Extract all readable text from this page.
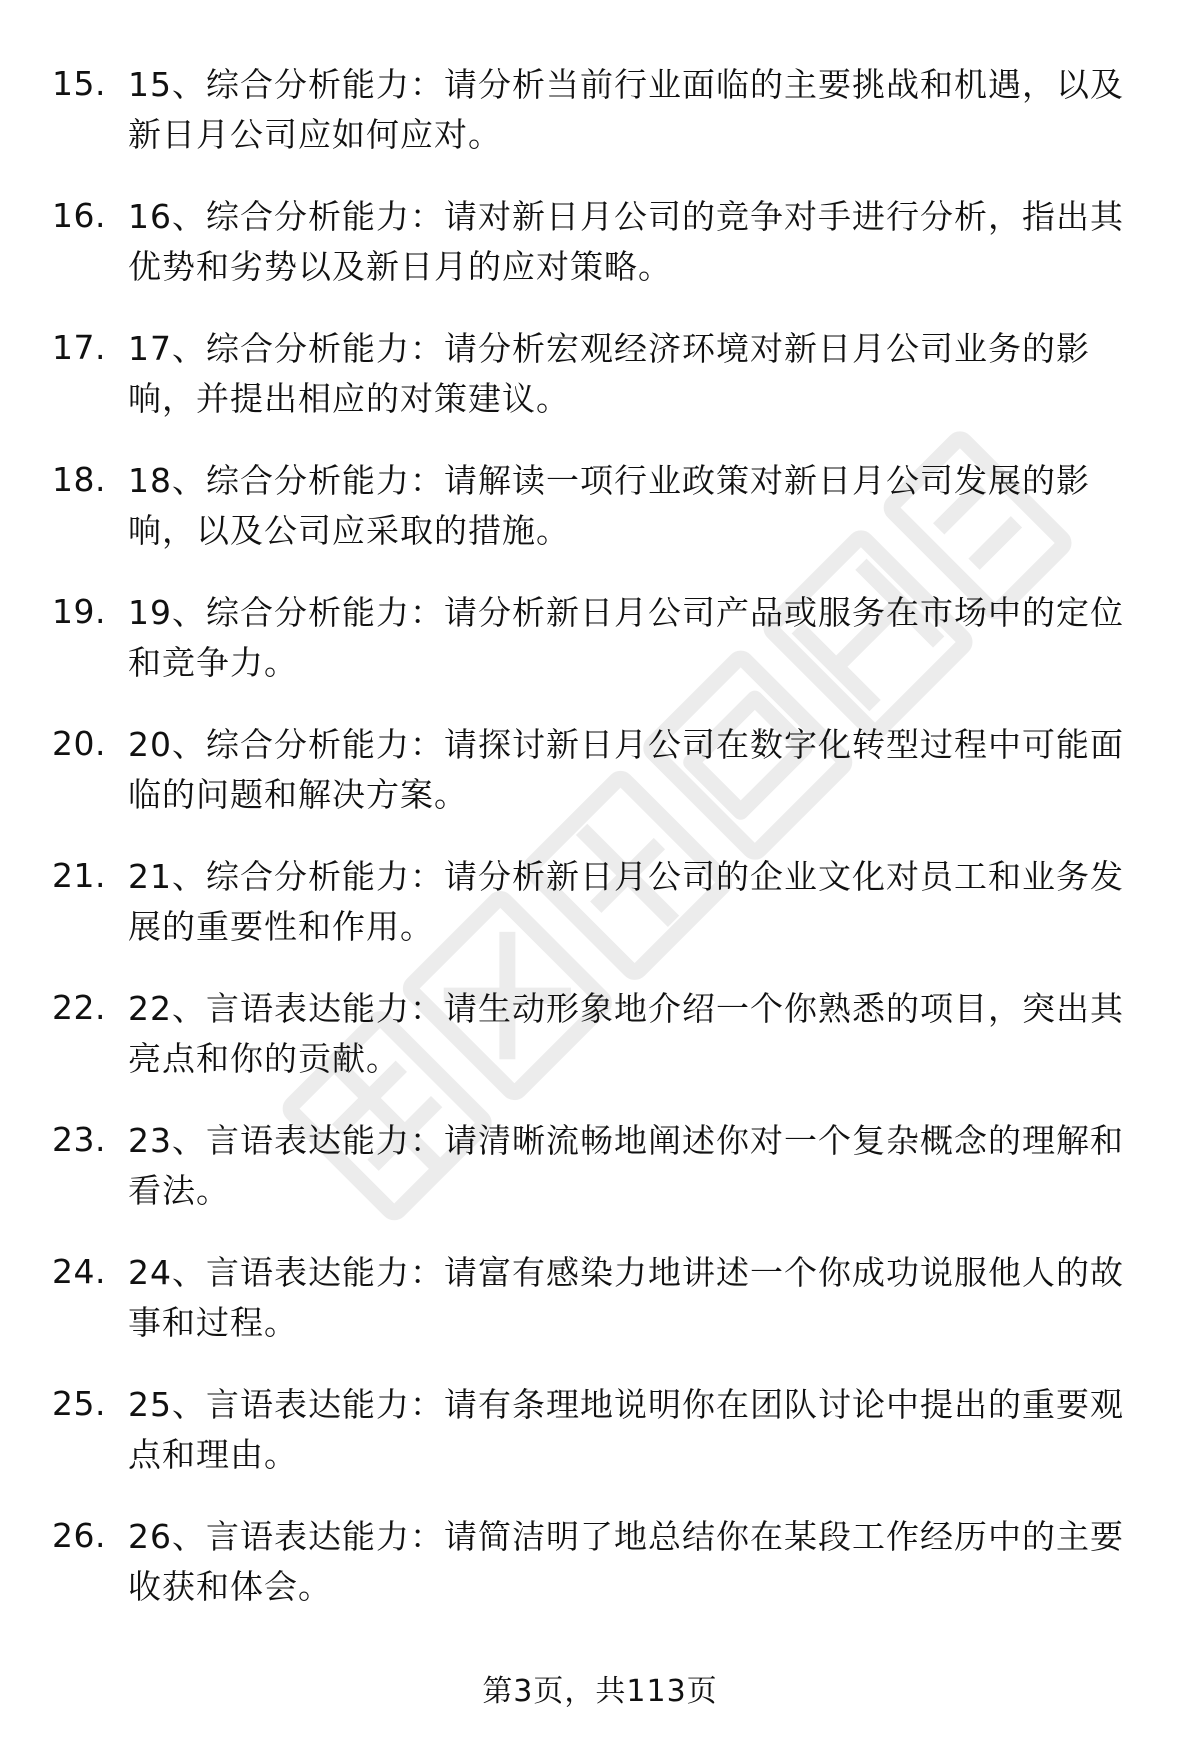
15. 15、综合分析能力：请分析当前行业面临的主要挑战和机遇，以及新日月公司应如何应对。
16. 16、综合分析能力：请对新日月公司的竞争对手进行分析，指出其优势和劣势以及新日月的应对策略。
17. 17、综合分析能力：请分析宏观经济环境对新日月公司业务的影响，并提出相应的对策建议。
18. 18、综合分析能力：请解读一项行业政策对新日月公司发展的影响，以及公司应采取的措施。
19. 19、综合分析能力：请分析新日月公司产品或服务在市场中的定位和竞争力。
20. 20、综合分析能力：请探讨新日月公司在数字化转型过程中可能面临的问题和解决方案。
21. 21、综合分析能力：请分析新日月公司的企业文化对员工和业务发展的重要性和作用。
22. 22、言语表达能力：请生动形象地介绍一个你熟悉的项目，突出其亮点和你的贡献。
23. 23、言语表达能力：请清晰流畅地阐述你对一个复杂概念的理解和看法。
24. 24、言语表达能力：请富有感染力地讲述一个你成功说服他人的故事和过程。
25. 25、言语表达能力：请有条理地说明你在团队讨论中提出的重要观点和理由。
26. 26、言语表达能力：请简洁明了地总结你在某段工作经历中的主要收获和体会。
第3页，共113页
